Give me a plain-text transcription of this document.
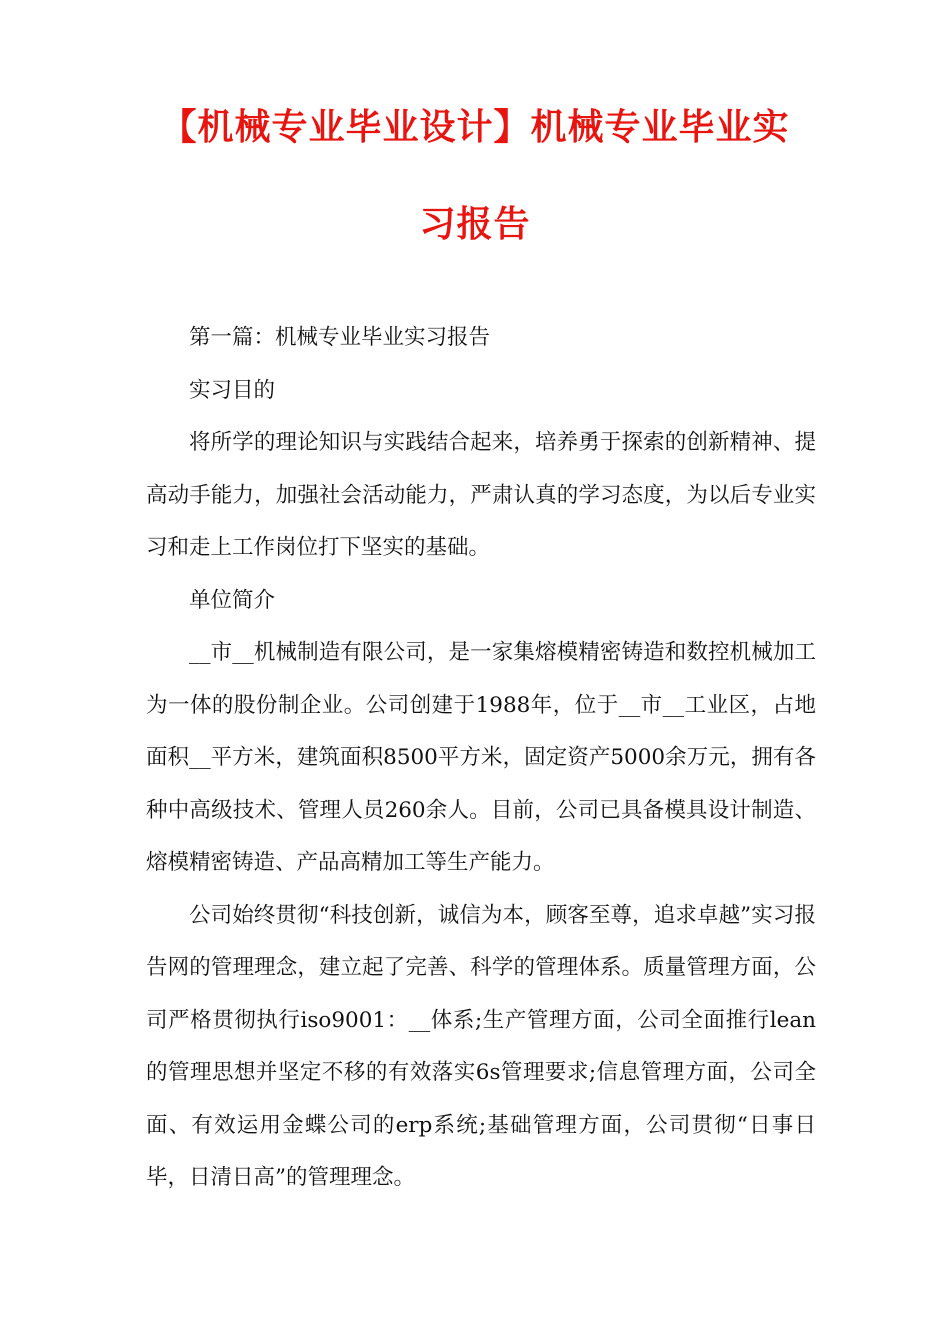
【机械专业毕业设计】机械专业毕业实
习报告

第一篇：机械专业毕业实习报告

实习目的

将所学的理论知识与实践结合起来，培养勇于探索的创新精神、提高动手能力，加强社会活动能力，严肃认真的学习态度，为以后专业实习和走上工作岗位打下坚实的基础。

单位简介

__市__机械制造有限公司，是一家集熔模精密铸造和数控机械加工为一体的股份制企业。公司创建于1988年，位于__市__工业区，占地面积__平方米，建筑面积8500平方米，固定资产5000余万元，拥有各种中高级技术、管理人员260余人。目前，公司已具备模具设计制造、熔模精密铸造、产品高精加工等生产能力。

公司始终贯彻“科技创新，诚信为本，顾客至尊，追求卓越”实习报告网的管理理念，建立起了完善、科学的管理体系。质量管理方面，公司严格贯彻执行iso9001：__体系;生产管理方面，公司全面推行lean的管理思想并坚定不移的有效落实6s管理要求;信息管理方面，公司全面、有效运用金蝶公司的erp系统;基础管理方面，公司贯彻“日事日毕，日清日高”的管理理念。
